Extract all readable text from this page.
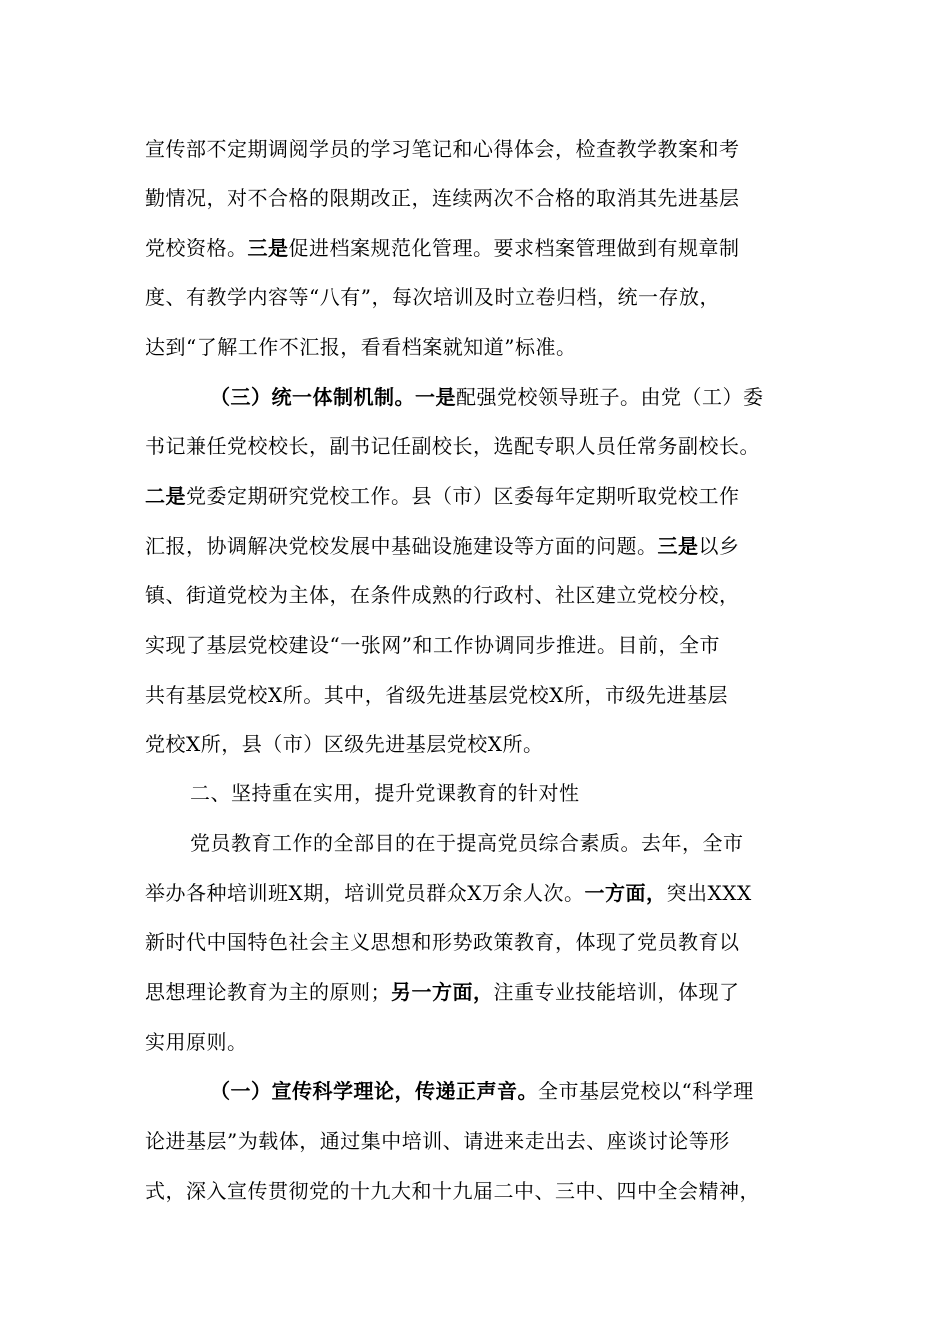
宣传部不定期调阅学员的学习笔记和心得体会，检查教学教案和考
勤情况，对不合格的限期改正，连续两次不合格的取消其先进基层
党校资格。三是促进档案规范化管理。要求档案管理做到有规章制
度、有教学内容等“八有”，每次培训及时立卷归档，统一存放，
达到“了解工作不汇报，看看档案就知道”标准。
（三）统一体制机制。一是配强党校领导班子。由党（工）委
书记兼任党校校长，副书记任副校长，选配专职人员任常务副校长。
二是党委定期研究党校工作。县（市）区委每年定期听取党校工作
汇报，协调解决党校发展中基础设施建设等方面的问题。三是以乡
镇、街道党校为主体，在条件成熟的行政村、社区建立党校分校，
实现了基层党校建设“一张网”和工作协调同步推进。目前，全市
共有基层党校X所。其中，省级先进基层党校X所，市级先进基层
党校X所，县（市）区级先进基层党校X所。
二、坚持重在实用，提升党课教育的针对性
党员教育工作的全部目的在于提高党员综合素质。去年，全市
举办各种培训班X期，培训党员群众X万余人次。一方面，突出XXX
新时代中国特色社会主义思想和形势政策教育，体现了党员教育以
思想理论教育为主的原则；另一方面，注重专业技能培训，体现了
实用原则。
（一）宣传科学理论，传递正声音。全市基层党校以“科学理
论进基层”为载体，通过集中培训、请进来走出去、座谈讨论等形
式，深入宣传贯彻党的十九大和十九届二中、三中、四中全会精神，
